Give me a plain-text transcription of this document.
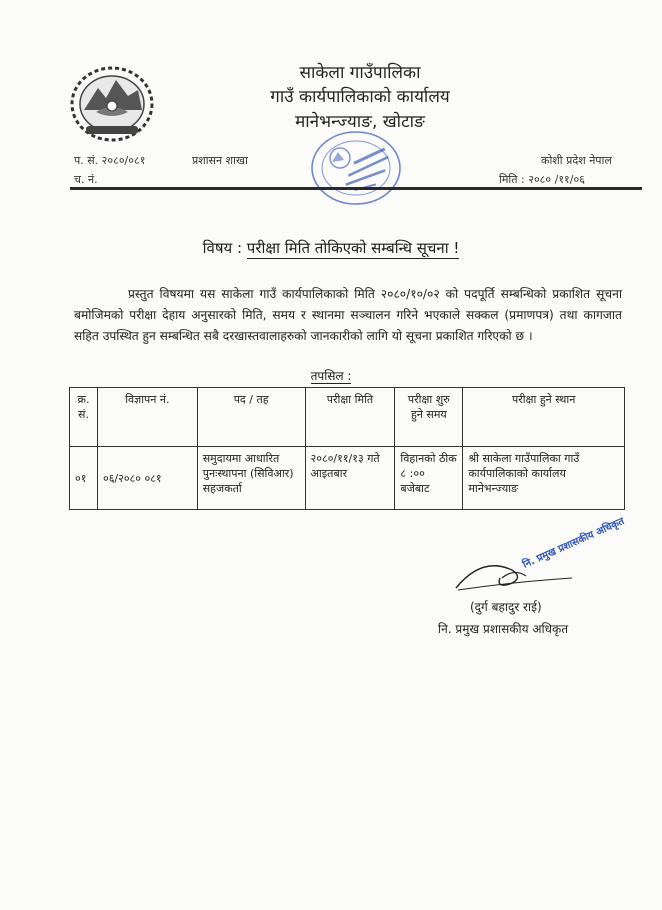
साकेला गाउँपालिका
गाउँ कार्यपालिकाको कार्यालय
मानेभन्ज्याङ, खोटाङ
प. सं. २०८०/०८१	प्रशासन शाखा
च. नं.
कोशी प्रदेश नेपाल
मिति : २०८० /११/०६
विषय : परीक्षा मिति तोकिएको सम्बन्धि सूचना !
प्रस्तुत विषयमा यस साकेला गाउँ कार्यपालिकाको मिति २०८०/१०/०२ को पदपूर्ति सम्बन्धिको प्रकाशित सूचना बमोजिमको परीक्षा देहाय अनुसारको मिति, समय र स्थानमा सञ्चालन गरिने भएकाले सक्कल (प्रमाणपत्र) तथा कागजात सहित उपस्थित हुन सम्बन्धित सबै दरखास्तवालाहरुको जानकारीको लागि यो सूचना प्रकाशित गरिएको छ ।
तपसिल :
क्र. सं.	विज्ञापन नं.	पद / तह	परीक्षा मिति	परीक्षा शुरु हुने समय	परीक्षा हुने स्थान
०१	०६/२०८० ०८१	समुदायमा आधारित पुनःस्थापना (सिविआर) सहजकर्ता	२०८०/११/१३ गते आइतबार	विहानको ठीक ८ :०० बजेबाट	श्री साकेला गाउँपालिका गाउँ कार्यपालिकाको कार्यालय मानेभन्ज्याङ
नि. प्रमुख प्रशासकीय अधिकृत
(दुर्ग बहादुर राई)
नि. प्रमुख प्रशासकीय अधिकृत
